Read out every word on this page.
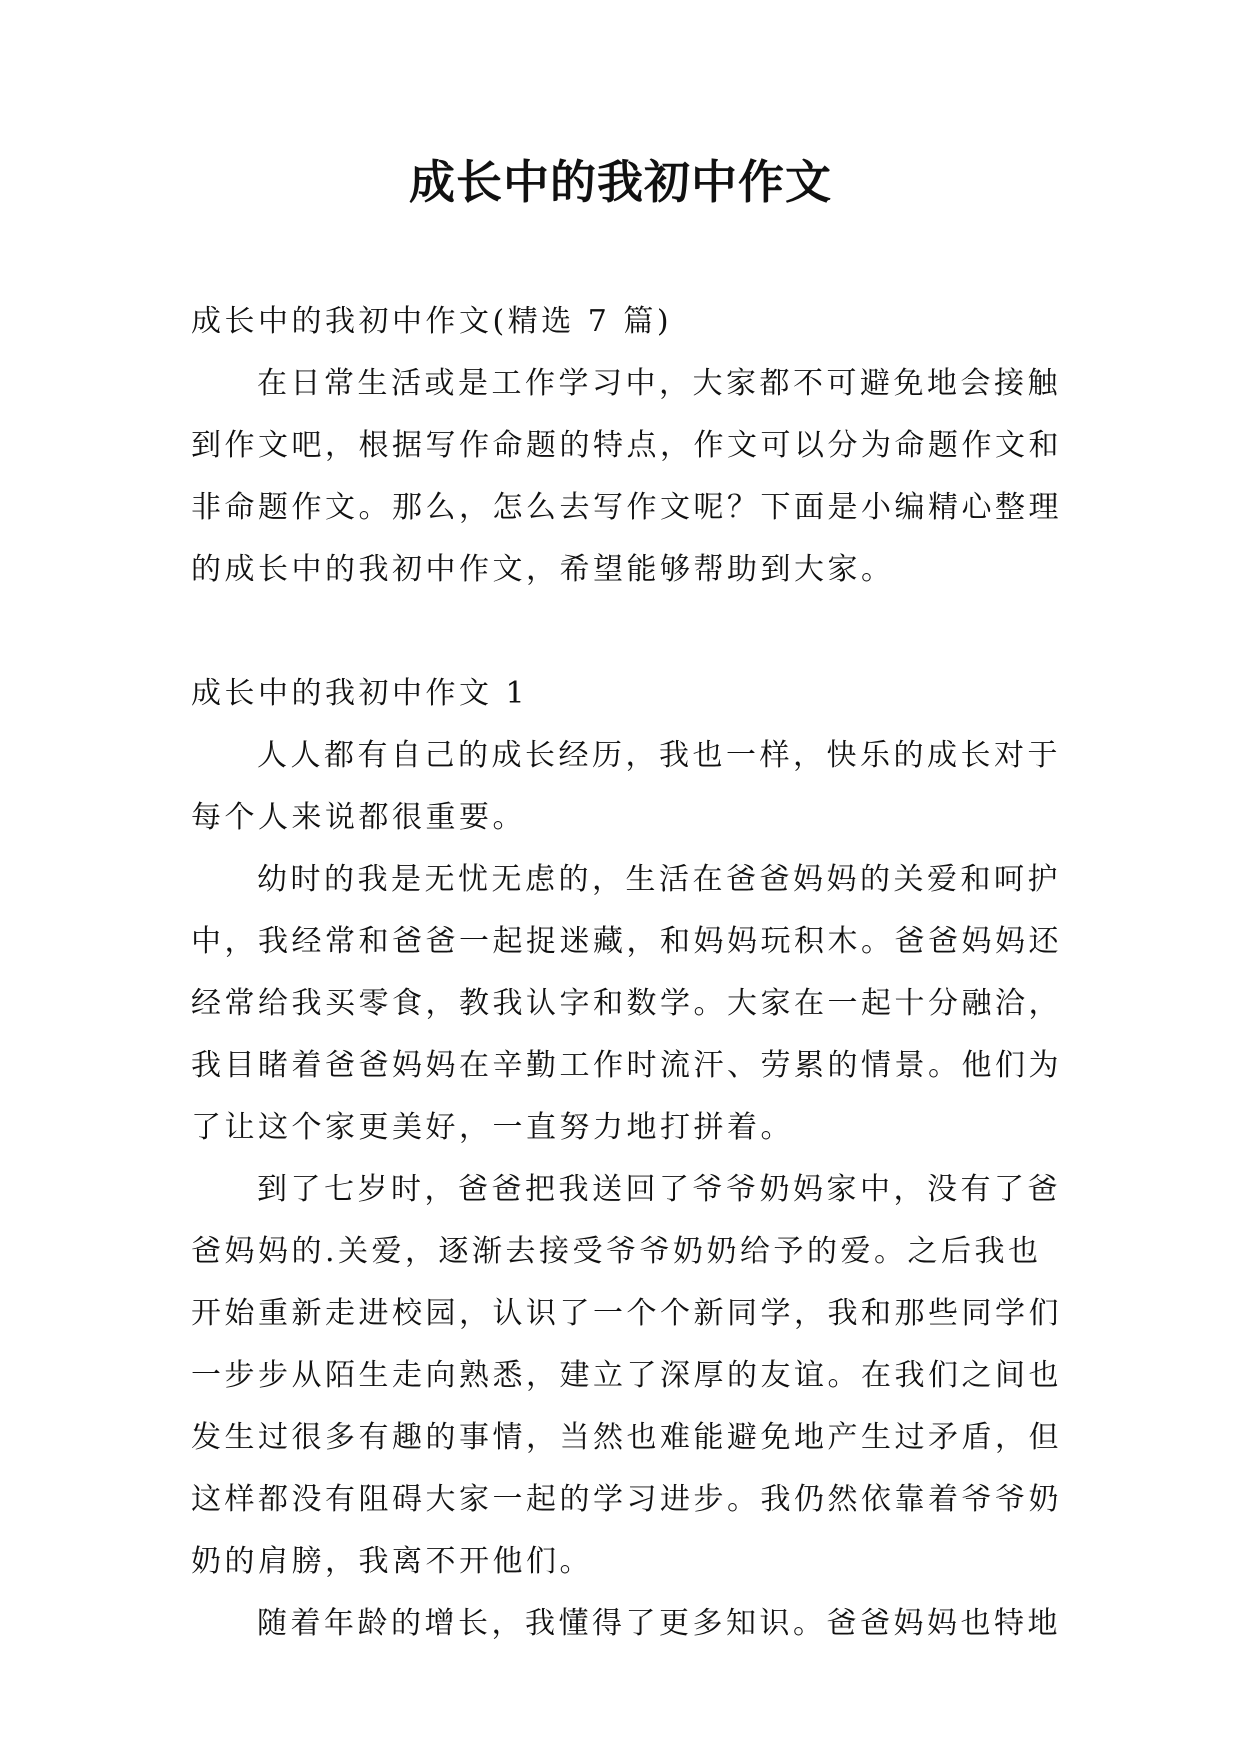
成长中的我初中作文
成长中的我初中作文(精选 7 篇)
在日常生活或是工作学习中，大家都不可避免地会接触
到作文吧，根据写作命题的特点，作文可以分为命题作文和
非命题作文。那么，怎么去写作文呢？下面是小编精心整理
的成长中的我初中作文，希望能够帮助到大家。
成长中的我初中作文 1
人人都有自己的成长经历，我也一样，快乐的成长对于
每个人来说都很重要。
幼时的我是无忧无虑的，生活在爸爸妈妈的关爱和呵护
中，我经常和爸爸一起捉迷藏，和妈妈玩积木。爸爸妈妈还
经常给我买零食，教我认字和数学。大家在一起十分融洽，
我目睹着爸爸妈妈在辛勤工作时流汗、劳累的情景。他们为
了让这个家更美好，一直努力地打拼着。
到了七岁时，爸爸把我送回了爷爷奶妈家中，没有了爸
爸妈妈的.关爱，逐渐去接受爷爷奶奶给予的爱。之后我也
开始重新走进校园，认识了一个个新同学，我和那些同学们
一步步从陌生走向熟悉，建立了深厚的友谊。在我们之间也
发生过很多有趣的事情，当然也难能避免地产生过矛盾，但
这样都没有阻碍大家一起的学习进步。我仍然依靠着爷爷奶
奶的肩膀，我离不开他们。
随着年龄的增长，我懂得了更多知识。爸爸妈妈也特地
